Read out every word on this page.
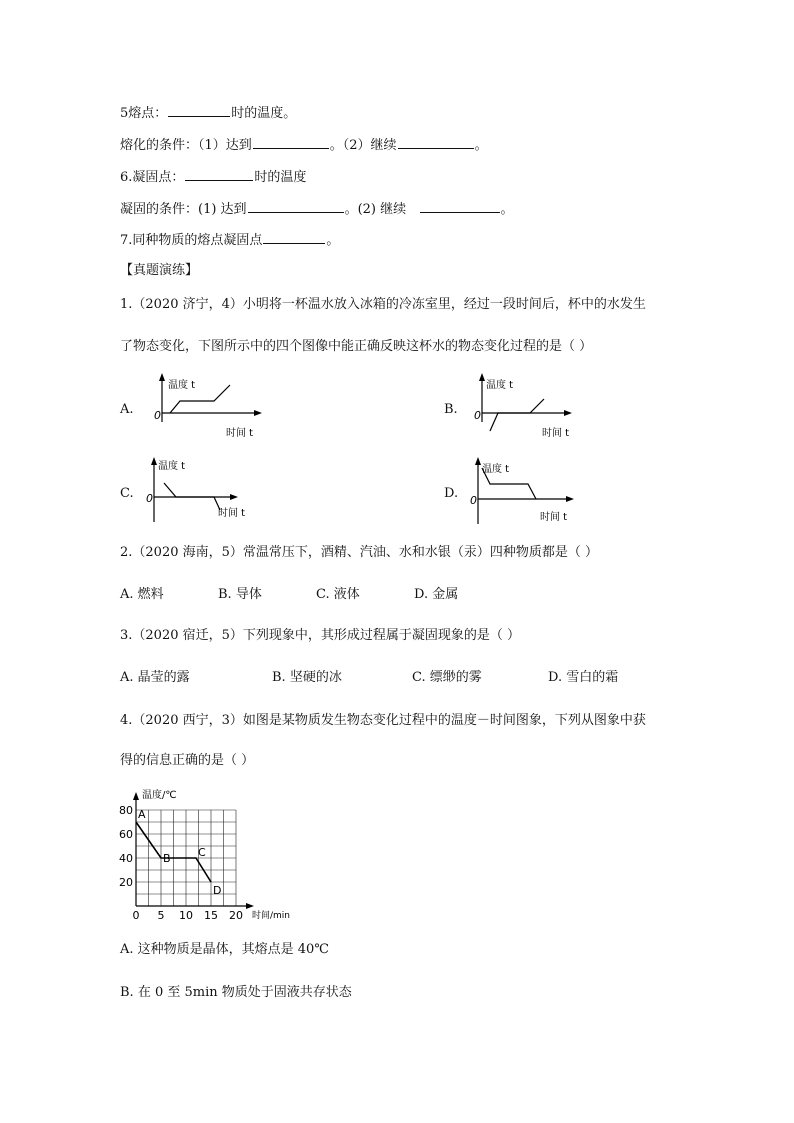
5熔点：	时的温度。
熔化的条件：（1）达到	。（2）继续	。
6.凝固点：	时的温度
凝固的条件：(1) 达到	。(2) 继续	。
7.同种物质的熔点凝固点	。
【真题演练】
1.（2020 济宁，4）小明将一杯温水放入冰箱的冷冻室里，经过一段时间后，杯中的水发生
了物态变化，下图所示中的四个图像中能正确反映这杯水的物态变化过程的是（ ）
A.
温度 t
时间 t
0	B.
温度 t
时间 t
0
C.
温度 t
时间 t
0	D.
温度 t
时间 t
0
2.（2020 海南，5）常温常压下，酒精、汽油、水和水银（汞）四种物质都是（ ）
A. 燃料	B. 导体	C. 液体	D. 金属
3.（2020 宿迁，5）下列现象中，其形成过程属于凝固现象的是（ ）
A. 晶莹的露	B. 坚硬的冰	C. 缥缈的雾	D. 雪白的霜
4.（2020 西宁，3）如图是某物质发生物态变化过程中的温度－时间图象，下列从图象中获
得的信息正确的是（ ）
温度/℃
时间/min
0 5 10 15 20
20
40
60
80 A
B C
D
A. 这种物质是晶体，其熔点是 40℃
B. 在 0 至 5min 物质处于固液共存状态
